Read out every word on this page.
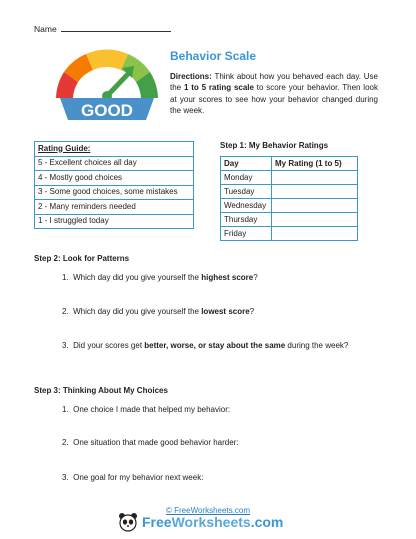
Name
GOOD
Behavior Scale
Directions: Think about how you behaved each day. Use the 1 to 5 rating scale to score your behavior. Then look at your scores to see how your behavior changed during the week.
Rating Guide:
5 - Excellent choices all day
4 - Mostly good choices
3 - Some good choices, some mistakes
2 - Many reminders needed
1 - I struggled today
Step 1: My Behavior Ratings
Day	My Rating (1 to 5)
Monday	
Tuesday	
Wednesday	
Thursday	
Friday	
Step 2: Look for Patterns
1. Which day did you give yourself the highest score?
2. Which day did you give yourself the lowest score?
3. Did your scores get better, worse, or stay about the same during the week?
Step 3: Thinking About My Choices
1. One choice I made that helped my behavior:
2. One situation that made good behavior harder:
3. One goal for my behavior next week:
© FreeWorksheets.com
FreeWorksheets.com
